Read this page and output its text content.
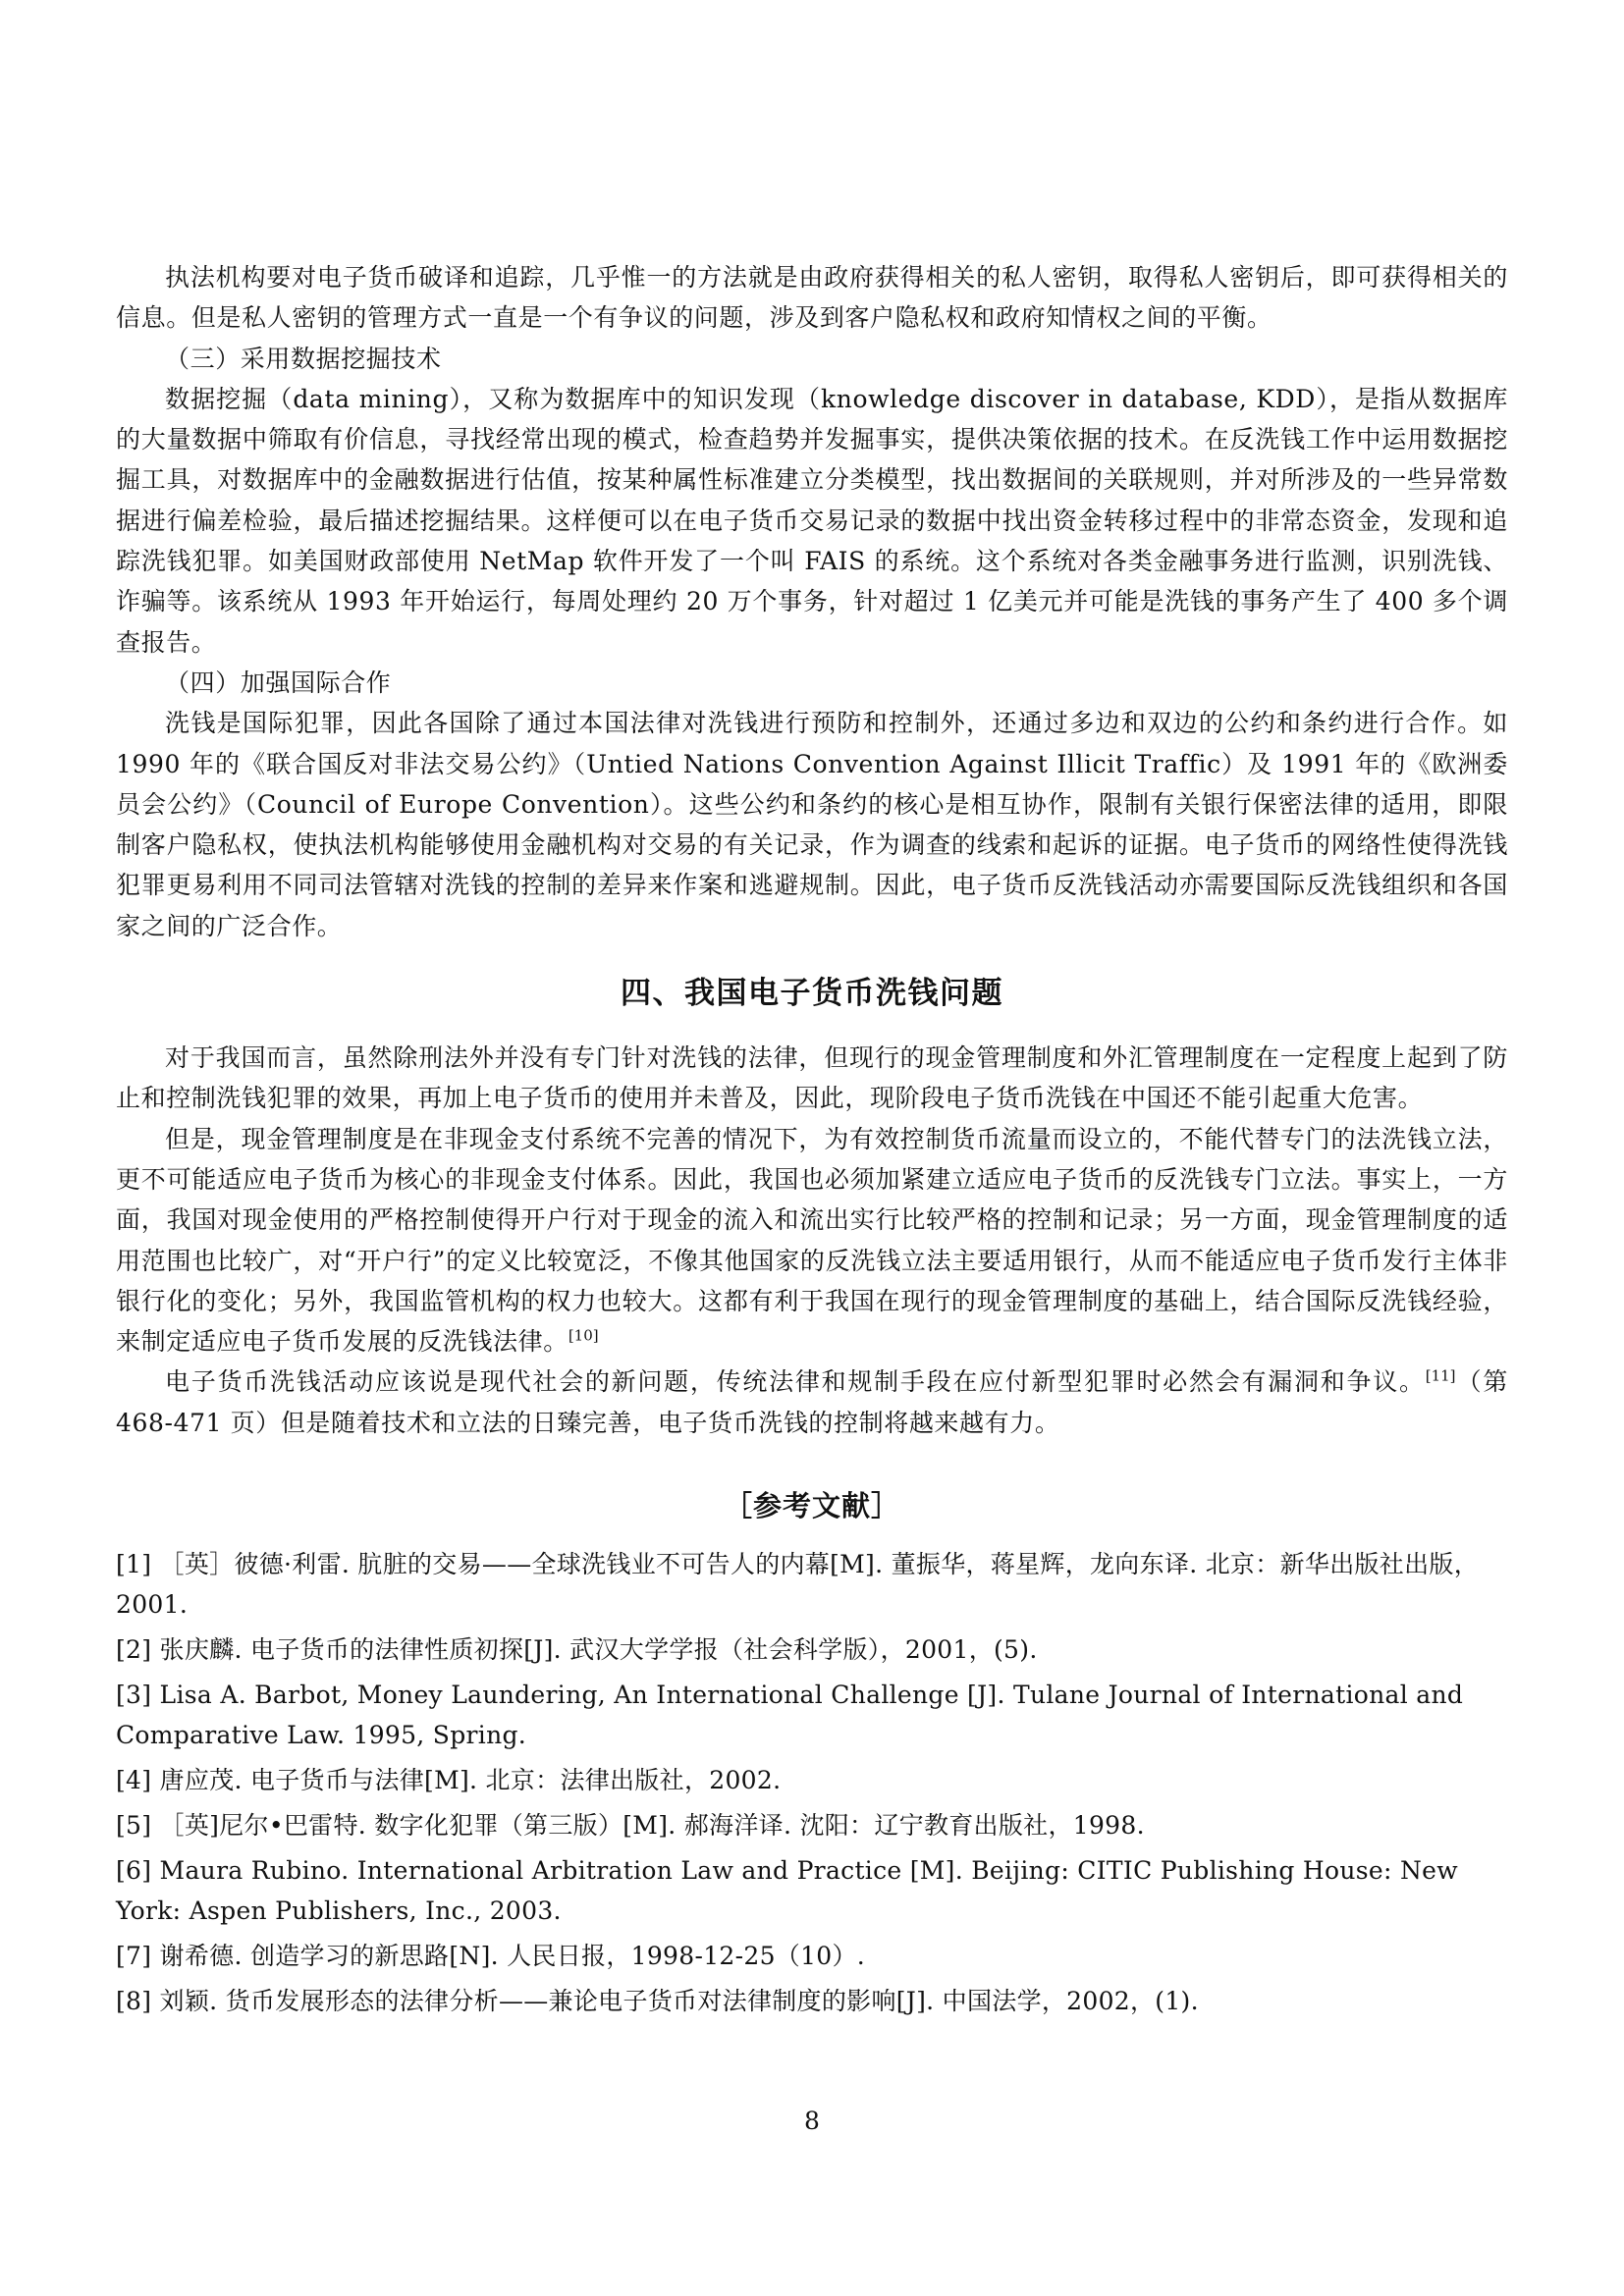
执法机构要对电子货币破译和追踪，几乎惟一的方法就是由政府获得相关的私人密钥，取得私人密钥后，即可获得相关的信息。但是私人密钥的管理方式一直是一个有争议的问题，涉及到客户隐私权和政府知情权之间的平衡。

（三）采用数据挖掘技术

数据挖掘（data mining），又称为数据库中的知识发现（knowledge discover in database, KDD），是指从数据库的大量数据中筛取有价信息，寻找经常出现的模式，检查趋势并发掘事实，提供决策依据的技术。在反洗钱工作中运用数据挖掘工具，对数据库中的金融数据进行估值，按某种属性标准建立分类模型，找出数据间的关联规则，并对所涉及的一些异常数据进行偏差检验，最后描述挖掘结果。这样便可以在电子货币交易记录的数据中找出资金转移过程中的非常态资金，发现和追踪洗钱犯罪。如美国财政部使用 NetMap 软件开发了一个叫 FAIS 的系统。这个系统对各类金融事务进行监测，识别洗钱、诈骗等。该系统从 1993 年开始运行，每周处理约 20 万个事务，针对超过 1 亿美元并可能是洗钱的事务产生了 400 多个调查报告。

（四）加强国际合作

洗钱是国际犯罪，因此各国除了通过本国法律对洗钱进行预防和控制外，还通过多边和双边的公约和条约进行合作。如 1990 年的《联合国反对非法交易公约》（Untied Nations Convention Against Illicit Traffic）及 1991 年的《欧洲委员会公约》（Council of Europe Convention）。这些公约和条约的核心是相互协作，限制有关银行保密法律的适用，即限制客户隐私权，使执法机构能够使用金融机构对交易的有关记录，作为调查的线索和起诉的证据。电子货币的网络性使得洗钱犯罪更易利用不同司法管辖对洗钱的控制的差异来作案和逃避规制。因此，电子货币反洗钱活动亦需要国际反洗钱组织和各国家之间的广泛合作。

四、我国电子货币洗钱问题

对于我国而言，虽然除刑法外并没有专门针对洗钱的法律，但现行的现金管理制度和外汇管理制度在一定程度上起到了防止和控制洗钱犯罪的效果，再加上电子货币的使用并未普及，因此，现阶段电子货币洗钱在中国还不能引起重大危害。

但是，现金管理制度是在非现金支付系统不完善的情况下，为有效控制货币流量而设立的，不能代替专门的法洗钱立法，更不可能适应电子货币为核心的非现金支付体系。因此，我国也必须加紧建立适应电子货币的反洗钱专门立法。事实上，一方面，我国对现金使用的严格控制使得开户行对于现金的流入和流出实行比较严格的控制和记录；另一方面，现金管理制度的适用范围也比较广，对“开户行”的定义比较宽泛，不像其他国家的反洗钱立法主要适用银行，从而不能适应电子货币发行主体非银行化的变化；另外，我国监管机构的权力也较大。这都有利于我国在现行的现金管理制度的基础上，结合国际反洗钱经验，来制定适应电子货币发展的反洗钱法律。[10]

电子货币洗钱活动应该说是现代社会的新问题，传统法律和规制手段在应付新型犯罪时必然会有漏洞和争议。[11]（第 468-471 页）但是随着技术和立法的日臻完善，电子货币洗钱的控制将越来越有力。

［参考文献］

[1] ［英］彼德·利雷. 肮脏的交易——全球洗钱业不可告人的内幕[M]. 董振华，蒋星辉，龙向东译. 北京：新华出版社出版，2001.

[2] 张庆麟. 电子货币的法律性质初探[J]. 武汉大学学报（社会科学版），2001，(5).

[3] Lisa A. Barbot, Money Laundering, An International Challenge [J]. Tulane Journal of International and Comparative Law. 1995, Spring.

[4] 唐应茂. 电子货币与法律[M]. 北京：法律出版社，2002.

[5] ［英]尼尔•巴雷特. 数字化犯罪（第三版）[M]. 郝海洋译. 沈阳：辽宁教育出版社，1998.

[6] Maura Rubino. International Arbitration Law and Practice [M]. Beijing: CITIC Publishing House: New York: Aspen Publishers, Inc., 2003.

[7] 谢希德. 创造学习的新思路[N]. 人民日报，1998-12-25（10）.

[8] 刘颖. 货币发展形态的法律分析——兼论电子货币对法律制度的影响[J]. 中国法学，2002，(1).

8
